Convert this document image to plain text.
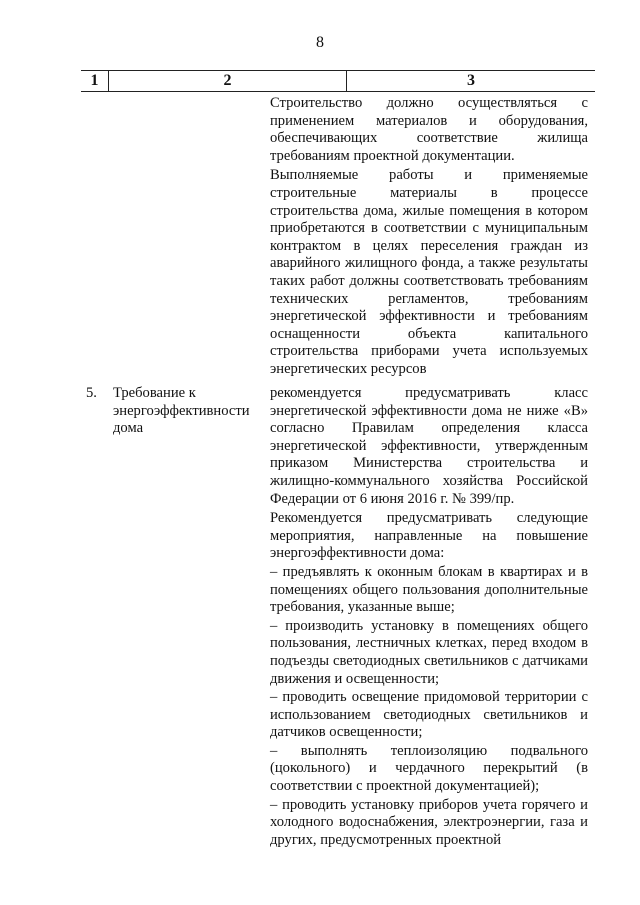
8
1	2	3

Строительство должно осуществляться с применением материалов и оборудования, обеспечивающих соответствие жилища требованиям проектной документации.

Выполняемые работы и применяемые строительные материалы в процессе строительства дома, жилые помещения в котором приобретаются в соответствии с муниципальным контрактом в целях переселения граждан из аварийного жилищного фонда, а также результаты таких работ должны соответствовать требованиям технических регламентов, требованиям энергетической эффективности и требованиям оснащенности объекта капитального строительства приборами учета используемых энергетических ресурсов

5. Требование к энергоэффективности дома

рекомендуется предусматривать класс энергетической эффективности дома не ниже «В» согласно Правилам определения класса энергетической эффективности, утвержденным приказом Министерства строительства и жилищно-коммунального хозяйства Российской Федерации от 6 июня 2016 г. № 399/пр.

Рекомендуется предусматривать следующие мероприятия, направленные на повышение энергоэффективности дома:

– предъявлять к оконным блокам в квартирах и в помещениях общего пользования дополнительные требования, указанные выше;

– производить установку в помещениях общего пользования, лестничных клетках, перед входом в подъезды светодиодных светильников с датчиками движения и освещенности;

– проводить освещение придомовой территории с использованием светодиодных светильников и датчиков освещенности;

– выполнять теплоизоляцию подвального (цокольного) и чердачного перекрытий (в соответствии с проектной документацией);

– проводить установку приборов учета горячего и холодного водоснабжения, электроэнергии, газа и других, предусмотренных проектной
